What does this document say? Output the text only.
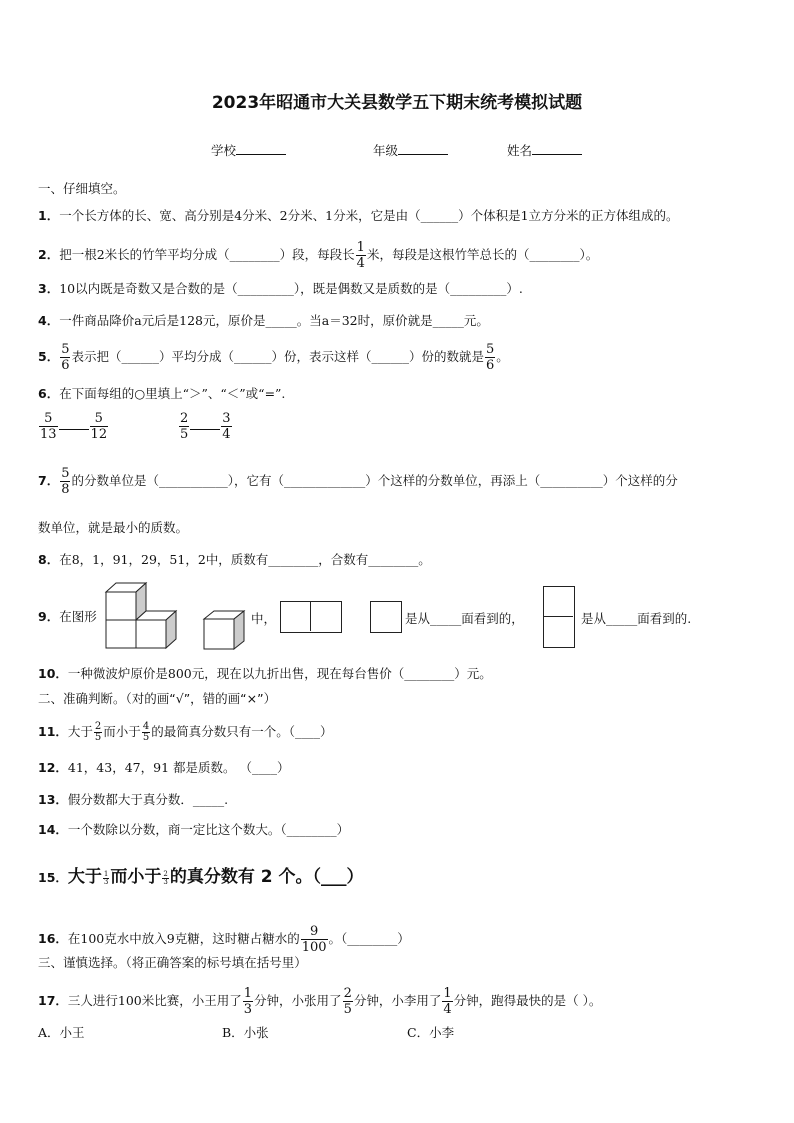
2023年昭通市大关县数学五下期末统考模拟试题
学校	年级	姓名
一、仔细填空。
1．一个长方体的长、宽、高分别是4分米、2分米、1分米，它是由（______）个体积是1立方分米的正方体组成的。
2．把一根2米长的竹竿平均分成（________）段，每段长 $\frac{1}{4}$ 米，每段是这根竹竿总长的（________）。
3．10以内既是奇数又是合数的是（_________），既是偶数又是质数的是（_________）.
4．一件商品降价a元后是128元，原价是_____。当a＝32时，原价就是_____元。
5． $\frac{5}{6}$ 表示把（______）平均分成（______）份，表示这样（______）份的数就是 $\frac{5}{6}$ 。
6．在下面每组的○里填上“＞”、“＜”或“=”.
$\frac{5}{13} \frac{5}{12}$	$\frac{2}{5} \frac{3}{4}$
7． $\frac{5}{8}$ 的分数单位是（___________），它有（_____________）个这样的分数单位，再添上（__________）个这样的分
数单位，就是最小的质数。
8．在8，1，91，29，51，2中，质数有________，合数有________。
9．在图形	中，	是从_____面看到的，	是从_____面看到的.
10．一种微波炉原价是800元，现在以九折出售，现在每台售价（________）元。
二、准确判断。（对的画“√”，错的画“×”）
11．大于 $\frac{2}{5}$ 而小于 $\frac{4}{5}$ 的最简真分数只有一个。（____）
12．41，43，47，91 都是质数。 （____）
13．假分数都大于真分数．_____.
14．一个数除以分数，商一定比这个数大。（________）
15．大于 $\frac{1}{3}$ 而小于 $\frac{2}{3}$ 的真分数有 2 个。（___）
16．在100克水中放入9克糖，这时糖占糖水的 $\frac{9}{100}$ 。（________）
三、谨慎选择。（将正确答案的标号填在括号里）
17．三人进行100米比赛，小王用了 $\frac{1}{3}$ 分钟，小张用了 $\frac{2}{5}$ 分钟，小李用了 $\frac{1}{4}$ 分钟，跑得最快的是（ ）。
A．小王	B．小张	C．小李
